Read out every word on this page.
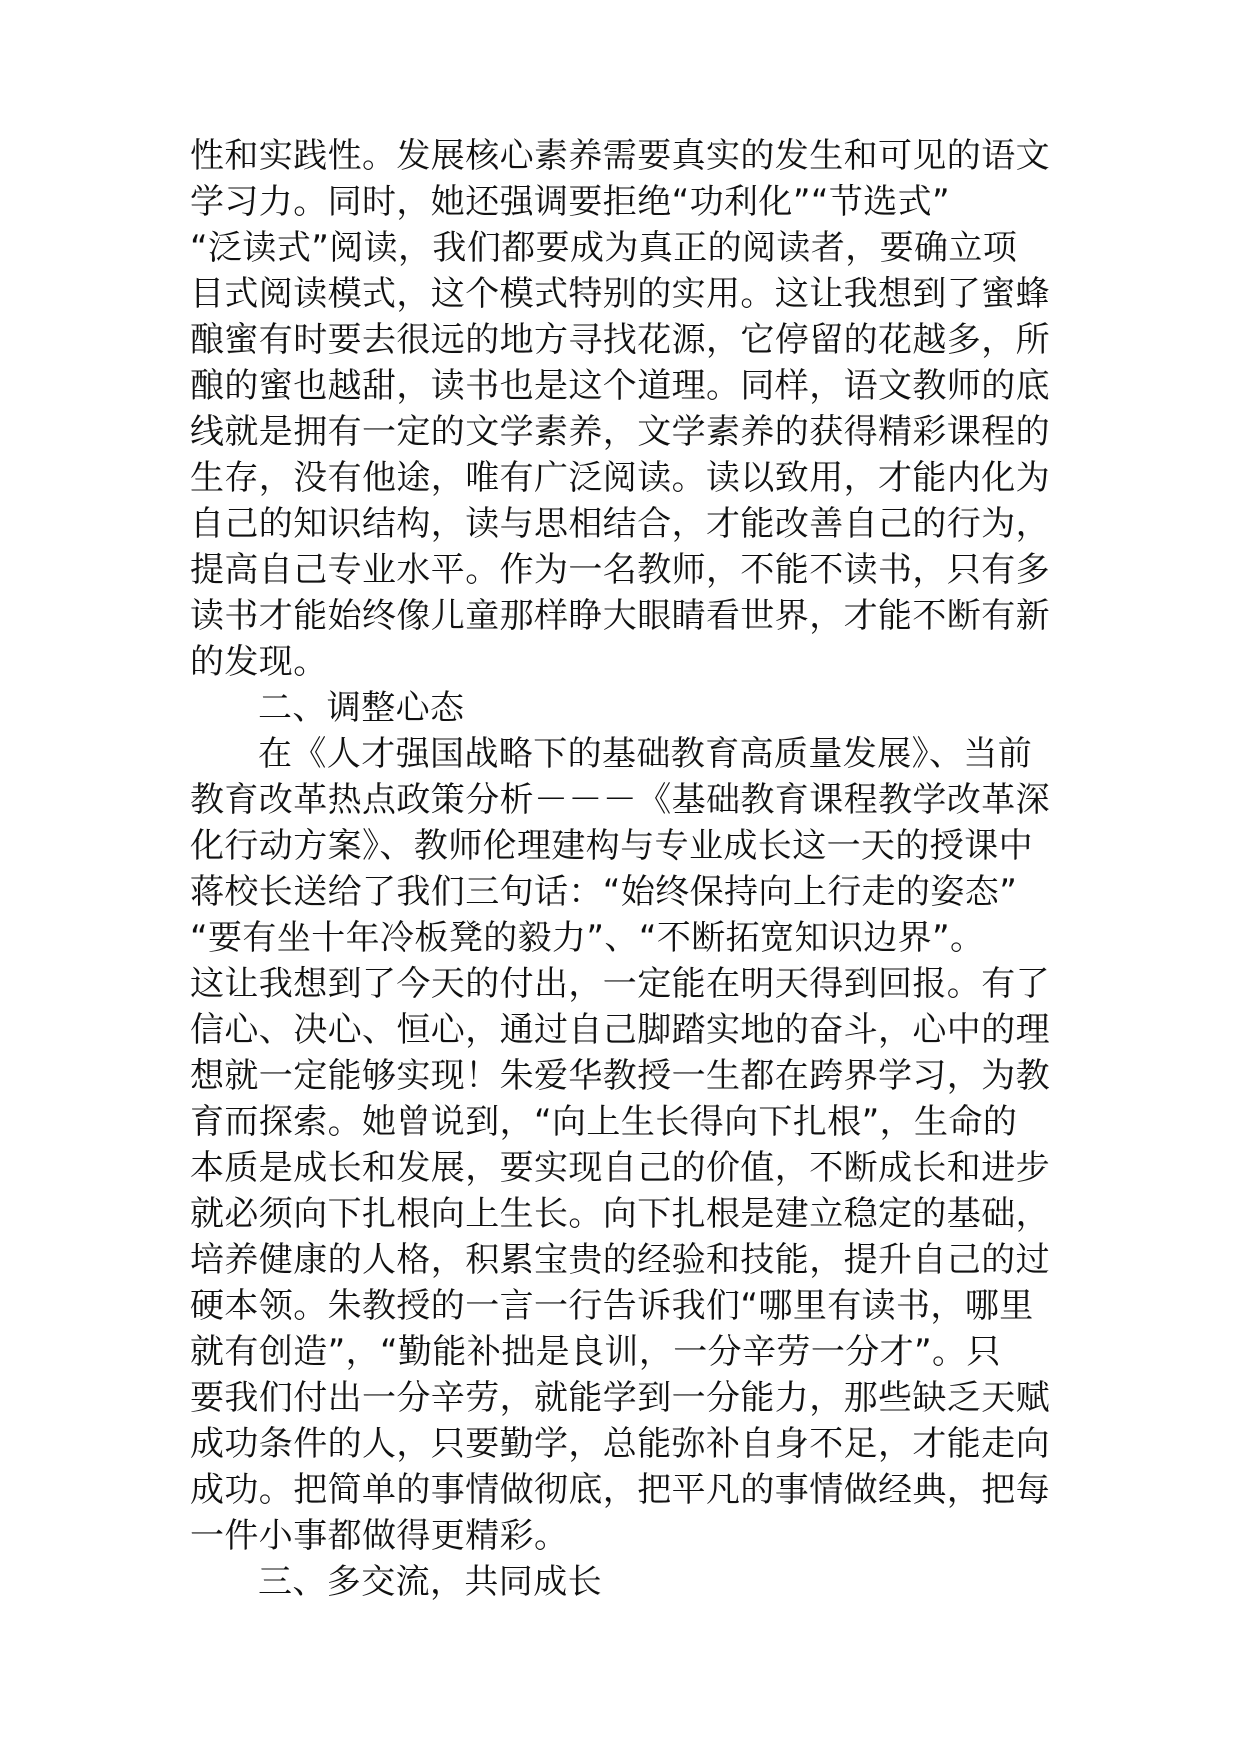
性和实践性。发展核心素养需要真实的发生和可见的语文
学习力。同时，她还强调要拒绝“功利化”“节选式”
“泛读式”阅读，我们都要成为真正的阅读者，要确立项
目式阅读模式，这个模式特别的实用。这让我想到了蜜蜂
酿蜜有时要去很远的地方寻找花源，它停留的花越多，所
酿的蜜也越甜，读书也是这个道理。同样，语文教师的底
线就是拥有一定的文学素养，文学素养的获得精彩课程的
生存，没有他途，唯有广泛阅读。读以致用，才能内化为
自己的知识结构，读与思相结合，才能改善自己的行为，
提高自己专业水平。作为一名教师，不能不读书，只有多
读书才能始终像儿童那样睁大眼睛看世界，才能不断有新
的发现。
二、调整心态
在《人才强国战略下的基础教育高质量发展》、当前
教育改革热点政策分析－－－《基础教育课程教学改革深
化行动方案》、教师伦理建构与专业成长这一天的授课中
蒋校长送给了我们三句话：“始终保持向上行走的姿态”
“要有坐十年冷板凳的毅力”、“不断拓宽知识边界”。
这让我想到了今天的付出，一定能在明天得到回报。有了
信心、决心、恒心，通过自己脚踏实地的奋斗，心中的理
想就一定能够实现！朱爱华教授一生都在跨界学习，为教
育而探索。她曾说到，“向上生长得向下扎根”，生命的
本质是成长和发展，要实现自己的价值，不断成长和进步
就必须向下扎根向上生长。向下扎根是建立稳定的基础，
培养健康的人格，积累宝贵的经验和技能，提升自己的过
硬本领。朱教授的一言一行告诉我们“哪里有读书，哪里
就有创造”，“勤能补拙是良训，一分辛劳一分才”。只
要我们付出一分辛劳，就能学到一分能力，那些缺乏天赋
成功条件的人，只要勤学，总能弥补自身不足，才能走向
成功。把简单的事情做彻底，把平凡的事情做经典，把每
一件小事都做得更精彩。
三、多交流，共同成长
